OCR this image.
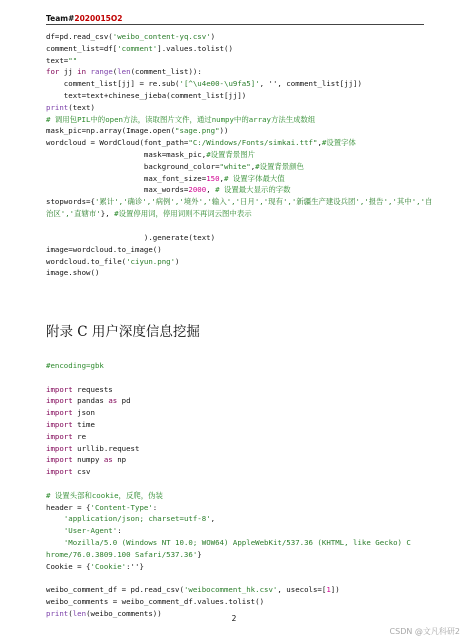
Team#2020015O2
df=pd.read_csv('weibo_content-yq.csv')
comment_list=df['comment'].values.tolist()
text=""
for jj in range(len(comment_list)):
comment_list[jj] = re.sub('[^\u4e00-\u9fa5]', '', comment_list[jj])
text=text+chinese_jieba(comment_list[jj])
print(text)
# 调用包PIL中的open方法，读取图片文件，通过numpy中的array方法生成数组
mask_pic=np.array(Image.open("sage.png"))
wordcloud = WordCloud(font_path="C:/Windows/Fonts/simkai.ttf",#设置字体
mask=mask_pic,#设置背景图片
background_color="white",#设置背景颜色
max_font_size=150,# 设置字体最大值
max_words=2000, # 设置最大显示的字数
stopwords={'累计','确诊','病例','境外','输入','日月','现有','新疆生产建设兵团','报告','其中','自治区','直辖市'}, #设置停用词，停用词则不再词云图中表示
).generate(text)
image=wordcloud.to_image()
wordcloud.to_file('ciyun.png')
image.show()
附录 C 用户深度信息挖掘
#encoding=gbk

import requests
import pandas as pd
import json
import time
import re
import urllib.request
import numpy as np
import csv

# 设置头部和cookie，反爬，伪装
header = {'Content-Type':
'application/json; charset=utf-8',
'User-Agent':
'Mozilla/5.0 (Windows NT 10.0; WOW64) AppleWebKit/537.36 (KHTML, like Gecko) C
hrome/76.0.3809.100 Safari/537.36'}
Cookie = {'Cookie':''}

weibo_comment_df = pd.read_csv('weibocomment_hk.csv', usecols=[1])
weibo_comments = weibo_comment_df.values.tolist()
print(len(weibo_comments))
2
CSDN @文凡科研2
